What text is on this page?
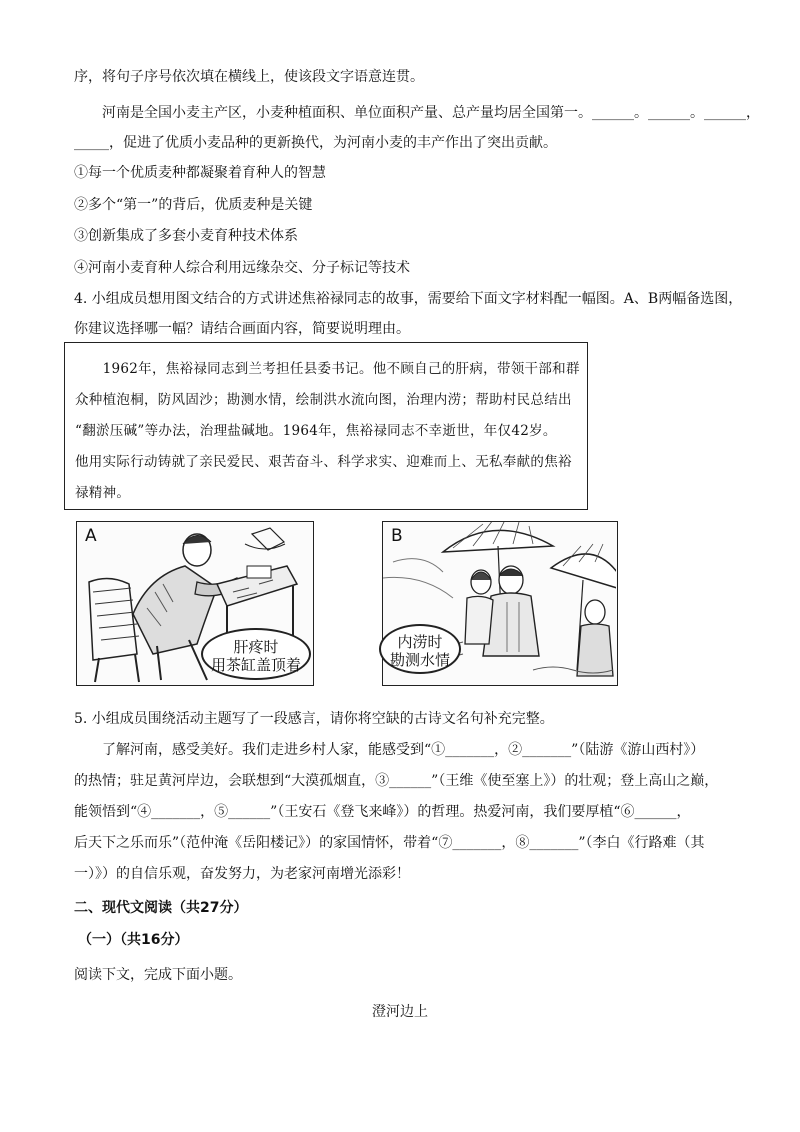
序，将句子序号依次填在横线上，使该段文字语意连贯。
河南是全国小麦主产区，小麦种植面积、单位面积产量、总产量均居全国第一。______。______。______，
_____，促进了优质小麦品种的更新换代，为河南小麦的丰产作出了突出贡献。
①每一个优质麦种都凝聚着育种人的智慧
②多个“第一”的背后，优质麦种是关键
③创新集成了多套小麦育种技术体系
④河南小麦育种人综合利用远缘杂交、分子标记等技术
4. 小组成员想用图文结合的方式讲述焦裕禄同志的故事，需要给下面文字材料配一幅图。A、B两幅备选图，
你建议选择哪一幅？请结合画面内容，简要说明理由。
　　1962年，焦裕禄同志到兰考担任县委书记。他不顾自己的肝病，带领干部和群
众种植泡桐，防风固沙；勘测水情，绘制洪水流向图，治理内涝；帮助村民总结出
“翻淤压碱”等办法，治理盐碱地。1964年，焦裕禄同志不幸逝世，年仅42岁。
他用实际行动铸就了亲民爱民、艰苦奋斗、科学求实、迎难而上、无私奉献的焦裕
禄精神。
A
肝疼时
用茶缸盖顶着
B
内涝时
勘测水情
5. 小组成员围绕活动主题写了一段感言，请你将空缺的古诗文名句补充完整。
了解河南，感受美好。我们走进乡村人家，能感受到“①_______，②_______”（陆游《游山西村》）
的热情；驻足黄河岸边，会联想到“大漠孤烟直，③______”（王维《使至塞上》）的壮观；登上高山之巅，
能领悟到“④_______，⑤______”（王安石《登飞来峰》）的哲理。热爱河南，我们要厚植“⑥______，
后天下之乐而乐”（范仲淹《岳阳楼记》）的家国情怀，带着“⑦_______，⑧_______”（李白《行路难（其
一）》）的自信乐观，奋发努力，为老家河南增光添彩！
二、现代文阅读（共27分）
（一）（共16分）
阅读下文，完成下面小题。
澄河边上
